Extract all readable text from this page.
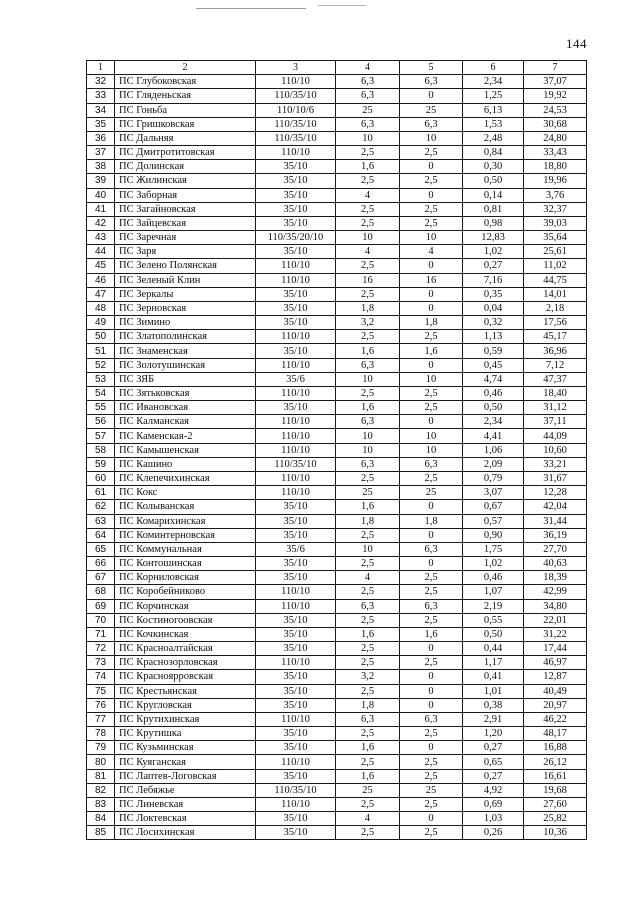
144
1	2	3	4	5	6	7
32	ПС Глубоковская	110/10	6,3	6,3	2,34	37,07
33	ПС Гляденьская	110/35/10	6,3	0	1,25	19,92
34	ПС Гоньба	110/10/6	25	25	6,13	24,53
35	ПС Гришковская	110/35/10	6,3	6,3	1,53	30,68
36	ПС Дальняя	110/35/10	10	10	2,48	24,80
37	ПС Дмитротитовская	110/10	2,5	2,5	0,84	33,43
38	ПС Долинская	35/10	1,6	0	0,30	18,80
39	ПС Жилинская	35/10	2,5	2,5	0,50	19,96
40	ПС Заборная	35/10	4	0	0,14	3,76
41	ПС Загайновская	35/10	2,5	2,5	0,81	32,37
42	ПС Зайцевская	35/10	2,5	2,5	0,98	39,03
43	ПС Заречная	110/35/20/10	10	10	12,83	35,64
44	ПС Заря	35/10	4	4	1,02	25,61
45	ПС Зелено Полянская	110/10	2,5	0	0,27	11,02
46	ПС Зеленый Клин	110/10	16	16	7,16	44,75
47	ПС Зеркалы	35/10	2,5	0	0,35	14,01
48	ПС Зерновская	35/10	1,8	0	0,04	2,18
49	ПС Зимино	35/10	3,2	1,8	0,32	17,56
50	ПС Златополинская	110/10	2,5	2,5	1,13	45,17
51	ПС Знаменская	35/10	1,6	1,6	0,59	36,96
52	ПС Золотушинская	110/10	6,3	0	0,45	7,12
53	ПС ЗЯБ	35/6	10	10	4,74	47,37
54	ПС Зятьковская	110/10	2,5	2,5	0,46	18,40
55	ПС Ивановская	35/10	1,6	2,5	0,50	31,12
56	ПС Калманская	110/10	6,3	0	2,34	37,11
57	ПС Каменская-2	110/10	10	10	4,41	44,09
58	ПС Камышенская	110/10	10	10	1,06	10,60
59	ПС Кашино	110/35/10	6,3	6,3	2,09	33,21
60	ПС Клепечихинская	110/10	2,5	2,5	0,79	31,67
61	ПС Кокс	110/10	25	25	3,07	12,28
62	ПС Колыванская	35/10	1,6	0	0,67	42,04
63	ПС Комарихинская	35/10	1,8	1,8	0,57	31,44
64	ПС Коминтерновская	35/10	2,5	0	0,90	36,19
65	ПС Коммунальная	35/6	10	6,3	1,75	27,70
66	ПС Контошинская	35/10	2,5	0	1,02	40,63
67	ПС Корниловская	35/10	4	2,5	0,46	18,39
68	ПС Коробейниково	110/10	2,5	2,5	1,07	42,99
69	ПС Корчинская	110/10	6,3	6,3	2,19	34,80
70	ПС Костиногоовская	35/10	2,5	2,5	0,55	22,01
71	ПС Кочкинская	35/10	1,6	1,6	0,50	31,22
72	ПС Красноалтайская	35/10	2,5	0	0,44	17,44
73	ПС Краснозорловская	110/10	2,5	2,5	1,17	46,97
74	ПС Красноярровская	35/10	3,2	0	0,41	12,87
75	ПС Крестьянская	35/10	2,5	0	1,01	40,49
76	ПС Кругловская	35/10	1,8	0	0,38	20,97
77	ПС Крутихинская	110/10	6,3	6,3	2,91	46,22
78	ПС Крутишка	35/10	2,5	2,5	1,20	48,17
79	ПС Кузьминская	35/10	1,6	0	0,27	16,88
80	ПС Куяганская	110/10	2,5	2,5	0,65	26,12
81	ПС Лаптев-Логовская	35/10	1,6	2,5	0,27	16,61
82	ПС Лебяжье	110/35/10	25	25	4,92	19,68
83	ПС Линевская	110/10	2,5	2,5	0,69	27,60
84	ПС Локтевская	35/10	4	0	1,03	25,82
85	ПС Лосихинская	35/10	2,5	2,5	0,26	10,36
